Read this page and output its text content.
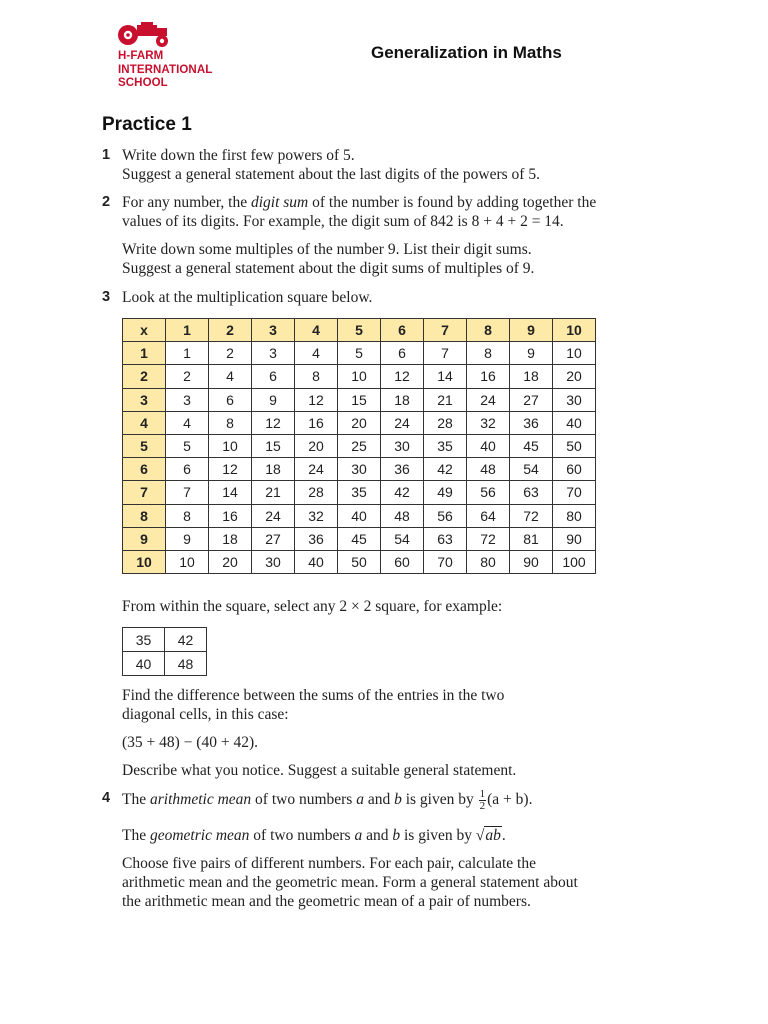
H-FARM
INTERNATIONAL
SCHOOL
Generalization in Maths
Practice 1
1 Write down the first few powers of 5.

Suggest a general statement about the last digits of the powers of 5.

2 For any number, the digit sum of the number is found by adding together the

values of its digits. For example, the digit sum of 842 is 8 + 4 + 2 = 14.

Write down some multiples of the number 9. List their digit sums.

Suggest a general statement about the digit sums of multiples of 9.

3 Look at the multiplication square below.

x	1	2	3	4	5	6	7	8	9	10
1	1	2	3	4	5	6	7	8	9	10
2	2	4	6	8	10	12	14	16	18	20
3	3	6	9	12	15	18	21	24	27	30
4	4	8	12	16	20	24	28	32	36	40
5	5	10	15	20	25	30	35	40	45	50
6	6	12	18	24	30	36	42	48	54	60
7	7	14	21	28	35	42	49	56	63	70
8	8	16	24	32	40	48	56	64	72	80
9	9	18	27	36	45	54	63	72	81	90
10	10	20	30	40	50	60	70	80	90	100

From within the square, select any 2 × 2 square, for example:

35	42
40	48

Find the difference between the sums of the entries in the two

diagonal cells, in this case:

(35 + 48) − (40 + 42).

Describe what you notice. Suggest a suitable general statement.

4 The arithmetic mean of two numbers a and b is given by $\frac{1}{2} (a + b)$.

The geometric mean of two numbers a and b is given by √ab.

Choose five pairs of different numbers. For each pair, calculate the

arithmetic mean and the geometric mean. Form a general statement about

the arithmetic mean and the geometric mean of a pair of numbers.
